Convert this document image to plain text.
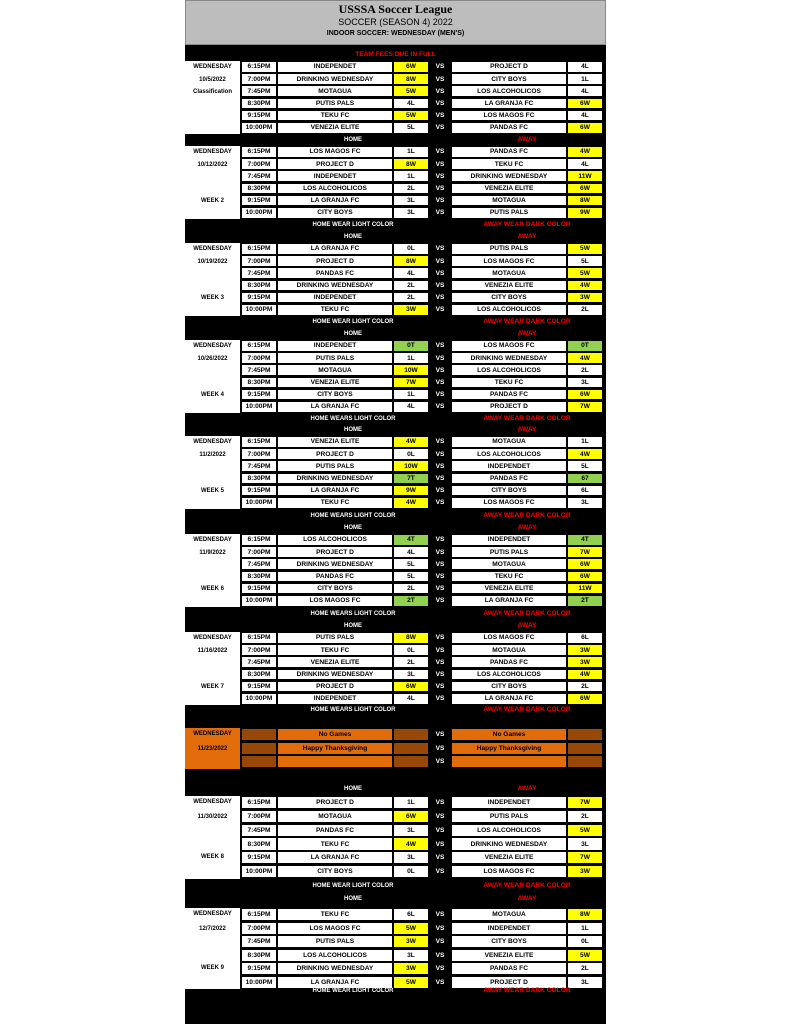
USSSA Soccer League
SOCCER (SEASON 4) 2022
INDOOR SOCCER: WEDNESDAY (MEN'S)
TEAM FEES DUE IN FULL
WEDNESDAY
10/5/2022
Classification
6:15PM	INDEPENDET	6W	VS	PROJECT D	4L
7:00PM	DRINKING WEDNESDAY	8W	VS	CITY BOYS	1L
7:45PM	MOTAGUA	5W	VS	LOS ALCOHOLICOS	4L
8:30PM	PUTIS PALS	4L	VS	LA GRANJA FC	6W
9:15PM	TEKU FC	5W	VS	LOS MAGOS FC	4L
10:00PM	VENEZIA ELITE	5L	VS	PANDAS FC	6W
HOME	AWAY
WEDNESDAY
10/12/2022
WEEK 2
6:15PM	LOS MAGOS FC	1L	VS	PANDAS FC	4W
7:00PM	PROJECT D	8W	VS	TEKU FC	4L
7:45PM	INDEPENDET	1L	VS	DRINKING WEDNESDAY	11W
8:30PM	LOS ALCOHOLICOS	2L	VS	VENEZIA ELITE	6W
9:15PM	LA GRANJA FC	3L	VS	MOTAGUA	8W
10:00PM	CITY BOYS	3L	VS	PUTIS PALS	9W
HOME WEAR LIGHT COLOR	AWAY WEAR DARK COLOR
HOME	AWAY
WEDNESDAY
10/19/2022
WEEK 3
6:15PM	LA GRANJA FC	0L	VS	PUTIS PALS	5W
7:00PM	PROJECT D	8W	VS	LOS MAGOS FC	5L
7:45PM	PANDAS FC	4L	VS	MOTAGUA	5W
8:30PM	DRINKING WEDNESDAY	2L	VS	VENEZIA ELITE	4W
9:15PM	INDEPENDET	2L	VS	CITY BOYS	3W
10:00PM	TEKU FC	3W	VS	LOS ALCOHOLICOS	2L
HOME WEAR LIGHT COLOR	AWAY WEAR DARK COLOR
HOME	AWAY
WEDNESDAY
10/26/2022
WEEK 4
6:15PM	INDEPENDET	0T	VS	LOS MAGOS FC	0T
7:00PM	PUTIS PALS	1L	VS	DRINKING WEDNESDAY	4W
7:45PM	MOTAGUA	10W	VS	LOS ALCOHOLICOS	2L
8:30PM	VENEZIA ELITE	7W	VS	TEKU FC	3L
9:15PM	CITY BOYS	1L	VS	PANDAS FC	6W
10:00PM	LA GRANJA FC	4L	VS	PROJECT D	7W
HOME WEARS LIGHT COLOR	AWAY WEAR DARK COLOR
HOME	AWAY
WEDNESDAY
11/2/2022
WEEK 5
6:15PM	VENEZIA ELITE	4W	VS	MOTAGUA	1L
7:00PM	PROJECT D	0L	VS	LOS ALCOHOLICOS	4W
7:45PM	PUTIS PALS	10W	VS	INDEPENDET	5L
8:30PM	DRINKING WEDNESDAY	7T	VS	PANDAS FC	67
9:15PM	LA GRANJA FC	9W	VS	CITY BOYS	6L
10:00PM	TEKU FC	4W	VS	LOS MAGOS FC	3L
HOME WEARS LIGHT COLOR	AWAY WEAR DARK COLOR
HOME	AWAY
WEDNESDAY
11/9/2022
WEEK 6
6:15PM	LOS ALCOHOLICOS	4T	VS	INDEPENDET	4T
7:00PM	PROJECT D	4L	VS	PUTIS PALS	7W
7:45PM	DRINKING WEDNESDAY	5L	VS	MOTAGUA	6W
8:30PM	PANDAS FC	5L	VS	TEKU FC	6W
9:15PM	CITY BOYS	2L	VS	VENEZIA ELITE	11W
10:00PM	LOS MAGOS FC	2T	VS	LA GRANJA FC	2T
HOME WEARS LIGHT COLOR	AWAY WEAR DARK COLOR
HOME	AWAY
WEDNESDAY
11/16/2022
WEEK 7
6:15PM	PUTIS PALS	8W	VS	LOS MAGOS FC	6L
7:00PM	TEKU FC	0L	VS	MOTAGUA	3W
7:45PM	VENEZIA ELITE	2L	VS	PANDAS FC	3W
8:30PM	DRINKING WEDNESDAY	3L	VS	LOS ALCOHOLICOS	4W
9:15PM	PROJECT D	6W	VS	CITY BOYS	2L
10:00PM	INDEPENDET	4L	VS	LA GRANJA FC	6W
HOME WEARS LIGHT COLOR	AWAY WEAR DARK COLOR
WEDNESDAY
11/23/2022
No Games	VS	No Games
Happy Thanksgiving	VS	Happy Thanksgiving
VS
HOME	AWAY
WEDNESDAY
11/30/2022
WEEK 8
6:15PM	PROJECT D	1L	VS	INDEPENDET	7W
7:00PM	MOTAGUA	6W	VS	PUTIS PALS	2L
7:45PM	PANDAS FC	3L	VS	LOS ALCOHOLICOS	5W
8:30PM	TEKU FC	4W	VS	DRINKING WEDNESDAY	3L
9:15PM	LA GRANJA FC	3L	VS	VENEZIA ELITE	7W
10:00PM	CITY BOYS	0L	VS	LOS MAGOS FC	3W
HOME WEAR LIGHT COLOR	AWAY WEAR DARK COLOR
HOME	AWAY
WEDNESDAY
12/7/2022
WEEK 9
6:15PM	TEKU FC	6L	VS	MOTAGUA	8W
7:00PM	LOS MAGOS FC	5W	VS	INDEPENDET	1L
7:45PM	PUTIS PALS	3W	VS	CITY BOYS	0L
8:30PM	LOS ALCOHOLICOS	3L	VS	VENEZIA ELITE	5W
9:15PM	DRINKING WEDNESDAY	3W	VS	PANDAS FC	2L
10:00PM	LA GRANJA FC	5W	VS	PROJECT D	3L
HOME WEAR LIGHT COLOR	AWAY WEAR DARK COLOR
